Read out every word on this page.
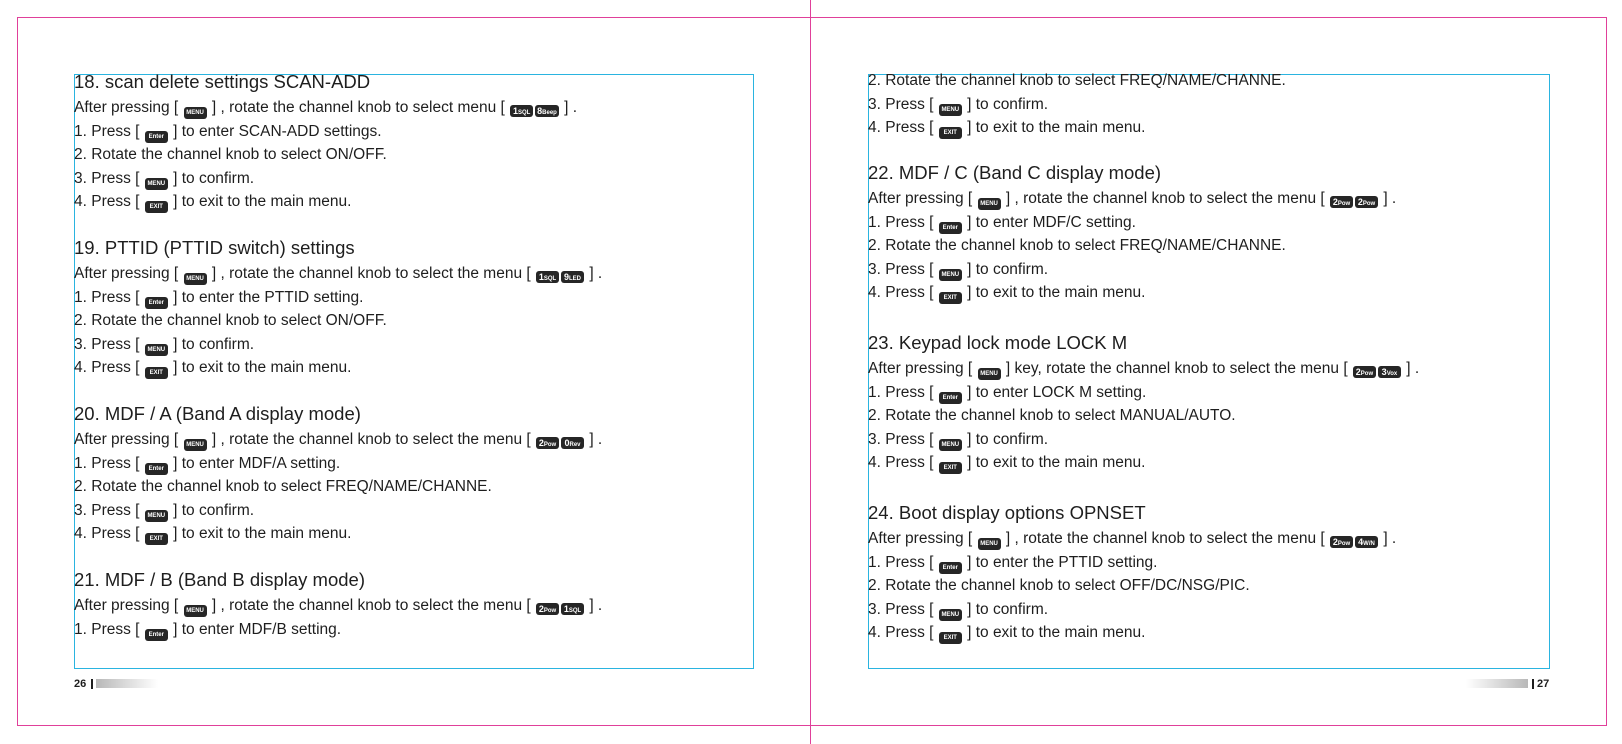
18. scan delete settings SCAN-ADD
After pressing [ MENU ] , rotate the channel knob to select menu [ 1SQL 8Beep ] .
1. Press [ Enter ] to enter SCAN-ADD settings.
2. Rotate the channel knob to select ON/OFF.
3. Press [ MENU ] to confirm.
4. Press [ EXIT ] to exit to the main menu.
19. PTTID (PTTID switch) settings
After pressing [ MENU ] , rotate the channel knob to select the menu [ 1SQL 9LED ] .
1. Press [ Enter ] to enter the PTTID setting.
2. Rotate the channel knob to select ON/OFF.
3. Press [ MENU ] to confirm.
4. Press [ EXIT ] to exit to the main menu.
20. MDF / A (Band A display mode)
After pressing [ MENU ] , rotate the channel knob to select the menu [ 2Pow 0Rev ] .
1. Press [ Enter ] to enter MDF/A setting.
2. Rotate the channel knob to select FREQ/NAME/CHANNE.
3. Press [ MENU ] to confirm.
4. Press [ EXIT ] to exit to the main menu.
21. MDF / B (Band B display mode)
After pressing [ MENU ] , rotate the channel knob to select the menu [ 2Pow 1SQL ] .
1. Press [ Enter ] to enter MDF/B setting.
26
2. Rotate the channel knob to select FREQ/NAME/CHANNE.
3. Press [ MENU ] to confirm.
4. Press [ EXIT ] to exit to the main menu.
22. MDF / C (Band C display mode)
After pressing [ MENU ] , rotate the channel knob to select the menu [ 2Pow 2Pow ] .
1. Press [ Enter ] to enter MDF/C setting.
2. Rotate the channel knob to select FREQ/NAME/CHANNE.
3. Press [ MENU ] to confirm.
4. Press [ EXIT ] to exit to the main menu.
23. Keypad lock mode LOCK M
After pressing [ MENU ] key, rotate the channel knob to select the menu [ 2Pow 3Vox ] .
1. Press [ Enter ] to enter LOCK M setting.
2. Rotate the channel knob to select MANUAL/AUTO.
3. Press [ MENU ] to confirm.
4. Press [ EXIT ] to exit to the main menu.
24. Boot display options OPNSET
After pressing [ MENU ] , rotate the channel knob to select the menu [ 2Pow 4W/N ] .
1. Press [ Enter ] to enter the PTTID setting.
2. Rotate the channel knob to select OFF/DC/NSG/PIC.
3. Press [ MENU ] to confirm.
4. Press [ EXIT ] to exit to the main menu.
27
